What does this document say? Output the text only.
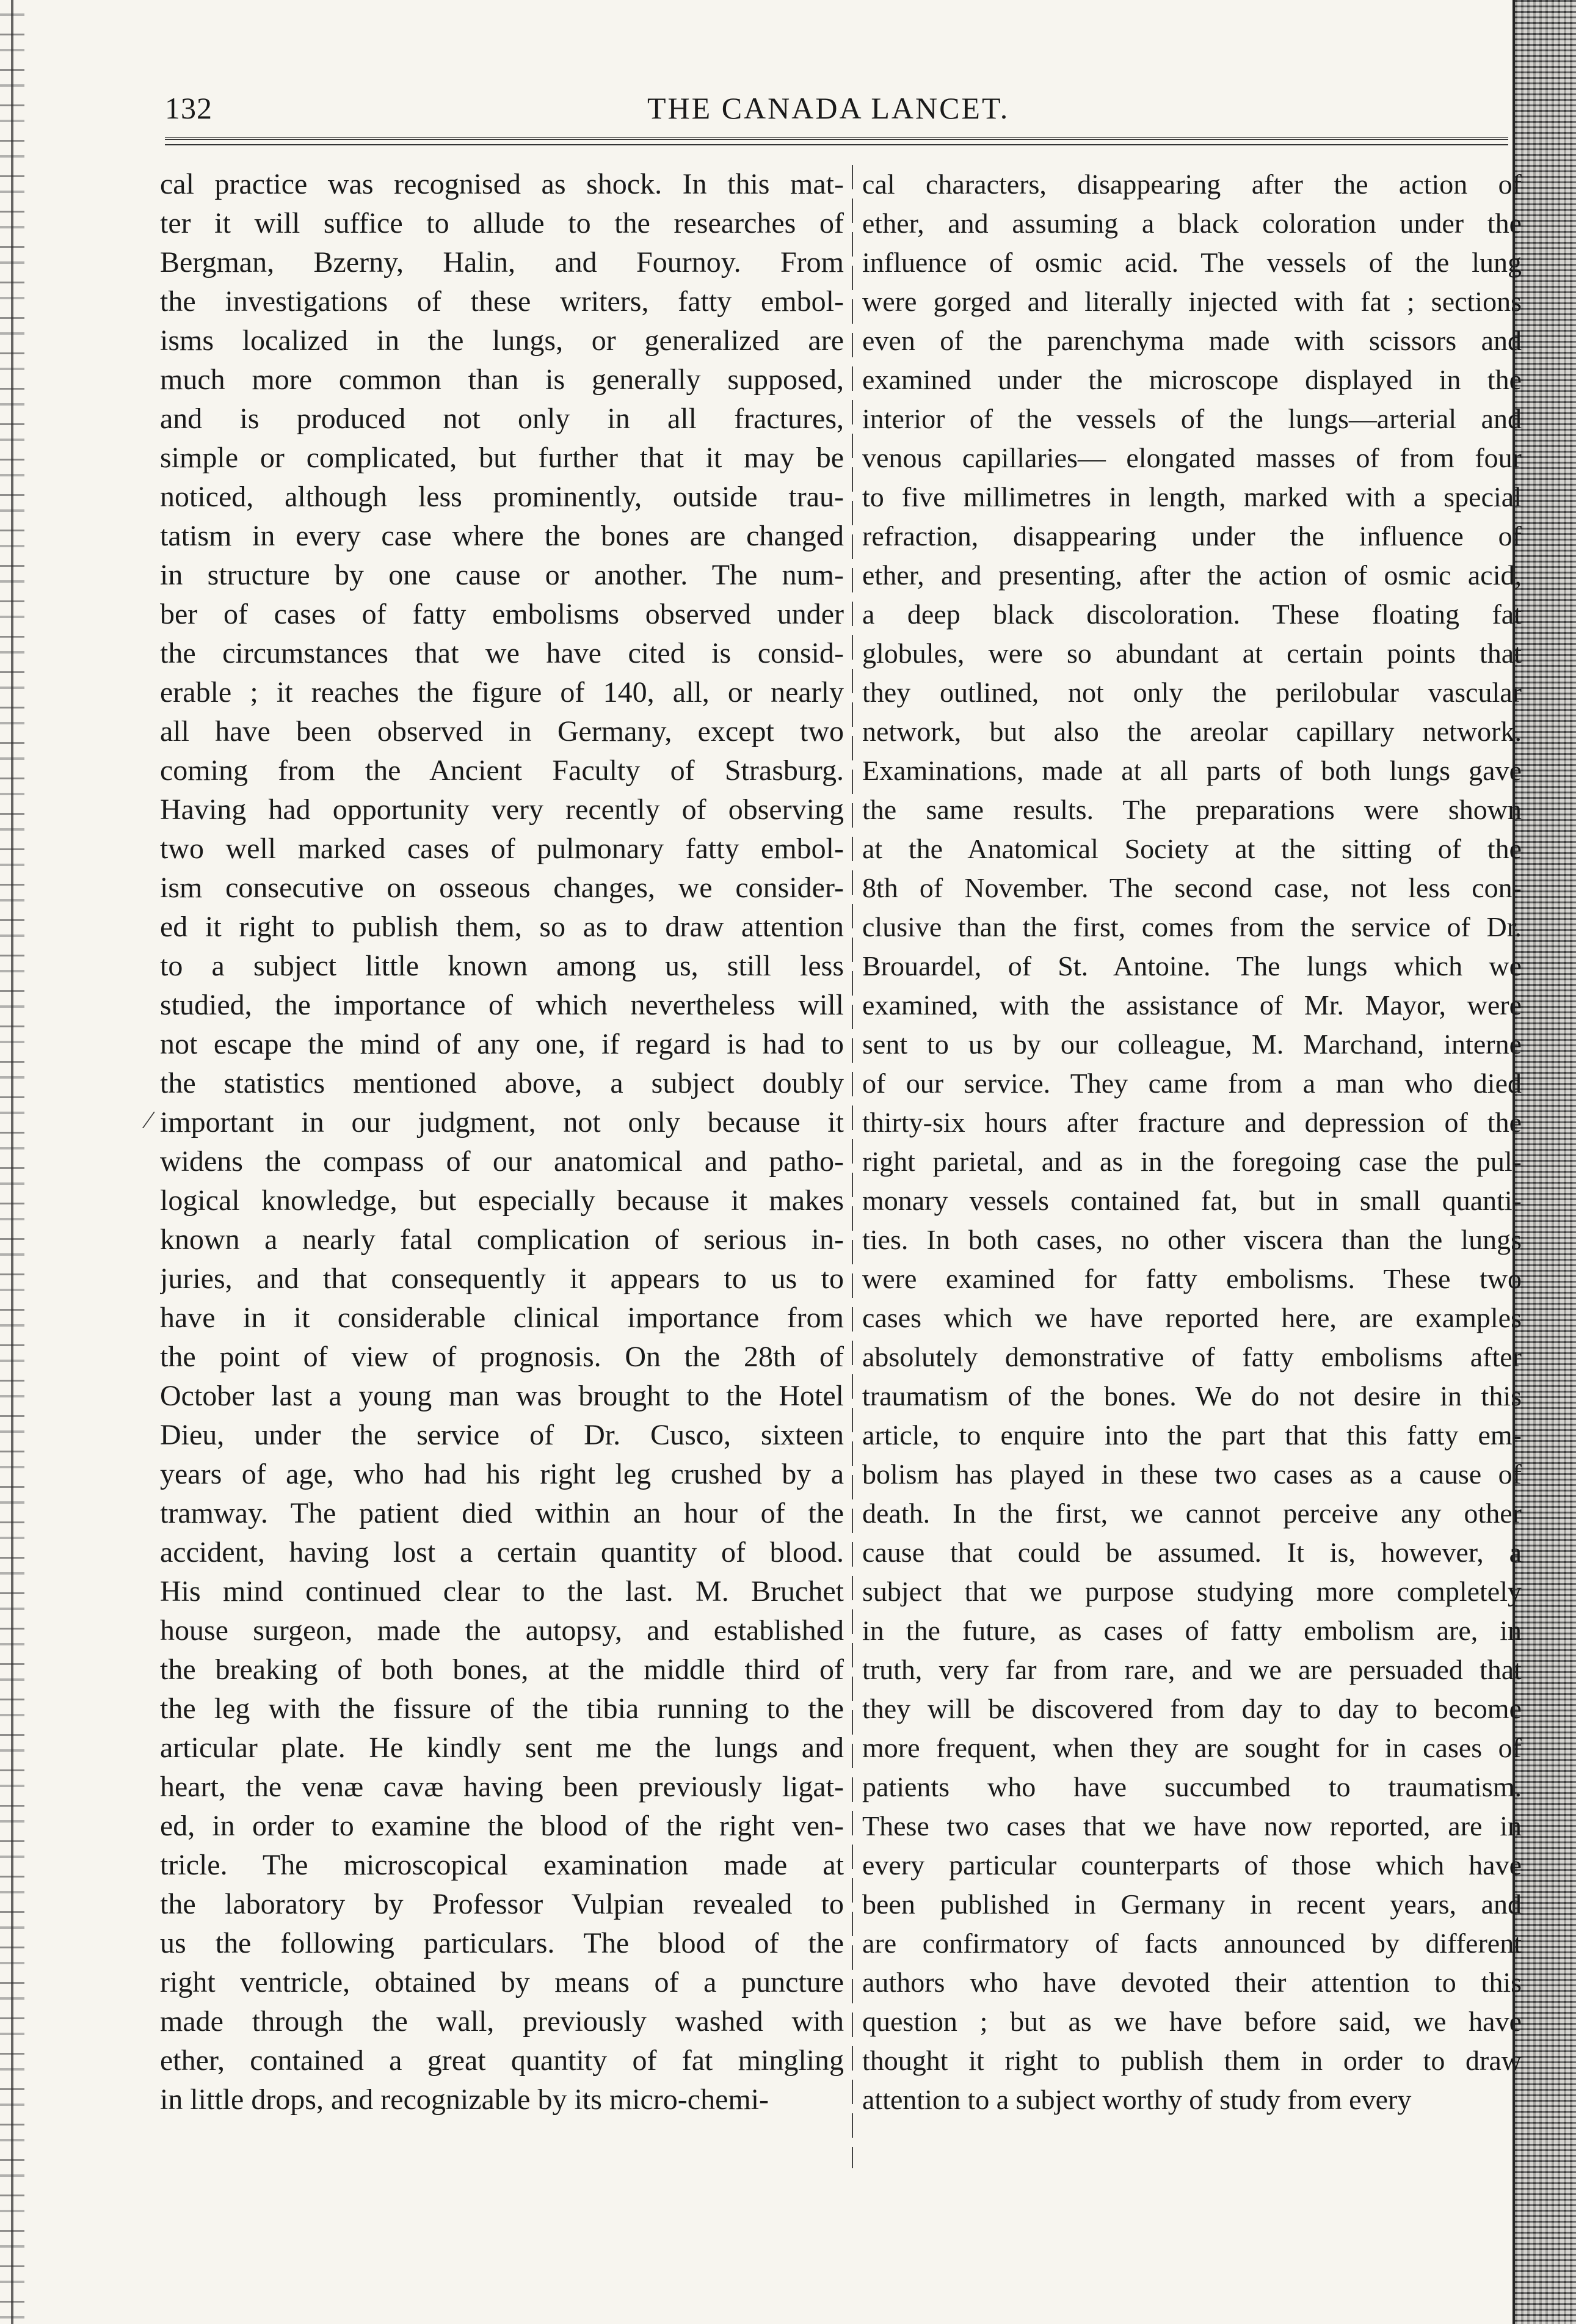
132	THE CANADA LANCET.
cal practice was recognised as shock. In this mat-
ter it will suffice to allude to the researches of
Bergman, Bzerny, Halin, and Fournoy. From
the investigations of these writers, fatty embol-
isms localized in the lungs, or generalized are
much more common than is generally supposed,
and is produced not only in all fractures,
simple or complicated, but further that it may be
noticed, although less prominently, outside trau-
tatism in every case where the bones are changed
in structure by one cause or another. The num-
ber of cases of fatty embolisms observed under
the circumstances that we have cited is consid-
erable ; it reaches the figure of 140, all, or nearly
all have been observed in Germany, except two
coming from the Ancient Faculty of Strasburg.
Having had opportunity very recently of observing
two well marked cases of pulmonary fatty embol-
ism consecutive on osseous changes, we consider-
ed it right to publish them, so as to draw attention
to a subject little known among us, still less
studied, the importance of which nevertheless will
not escape the mind of any one, if regard is had to
the statistics mentioned above, a subject doubly
important in our judgment, not only because it
widens the compass of our anatomical and patho-
logical knowledge, but especially because it makes
known a nearly fatal complication of serious in-
juries, and that consequently it appears to us to
have in it considerable clinical importance from
the point of view of prognosis. On the 28th of
October last a young man was brought to the Hotel
Dieu, under the service of Dr. Cusco, sixteen
years of age, who had his right leg crushed by a
tramway. The patient died within an hour of the
accident, having lost a certain quantity of blood.
His mind continued clear to the last. M. Bruchet
house surgeon, made the autopsy, and established
the breaking of both bones, at the middle third of
the leg with the fissure of the tibia running to the
articular plate. He kindly sent me the lungs and
heart, the venæ cavæ having been previously ligat-
ed, in order to examine the blood of the right ven-
tricle. The microscopical examination made at
the laboratory by Professor Vulpian revealed to
us the following particulars. The blood of the
right ventricle, obtained by means of a puncture
made through the wall, previously washed with
ether, contained a great quantity of fat mingling
in little drops, and recognizable by its micro-chemi-
cal characters, disappearing after the action of
ether, and assuming a black coloration under the
influence of osmic acid. The vessels of the lung
were gorged and literally injected with fat ; sections
even of the parenchyma made with scissors and
examined under the microscope displayed in the
interior of the vessels of the lungs—arterial and
venous capillaries— elongated masses of from four
to five millimetres in length, marked with a special
refraction, disappearing under the influence of
ether, and presenting, after the action of osmic acid,
a deep black discoloration. These floating fat
globules, were so abundant at certain points that
they outlined, not only the perilobular vascular
network, but also the areolar capillary network.
Examinations, made at all parts of both lungs gave
the same results. The preparations were shown
at the Anatomical Society at the sitting of the
8th of November. The second case, not less con-
clusive than the first, comes from the service of Dr.
Brouardel, of St. Antoine. The lungs which we
examined, with the assistance of Mr. Mayor, were
sent to us by our colleague, M. Marchand, interne
of our service. They came from a man who died
thirty-six hours after fracture and depression of the
right parietal, and as in the foregoing case the pul-
monary vessels contained fat, but in small quanti-
ties. In both cases, no other viscera than the lungs
were examined for fatty embolisms. These two
cases which we have reported here, are examples
absolutely demonstrative of fatty embolisms after
traumatism of the bones. We do not desire in this
article, to enquire into the part that this fatty em-
bolism has played in these two cases as a cause of
death. In the first, we cannot perceive any other
cause that could be assumed. It is, however, a
subject that we purpose studying more completely
in the future, as cases of fatty embolism are, in
truth, very far from rare, and we are persuaded that
they will be discovered from day to day to become
more frequent, when they are sought for in cases of
patients who have succumbed to traumatism.
These two cases that we have now reported, are in
every particular counterparts of those which have
been published in Germany in recent years, and
are confirmatory of facts announced by different
authors who have devoted their attention to this
question ; but as we have before said, we have
thought it right to publish them in order to draw
attention to a subject worthy of study from every
⁄
